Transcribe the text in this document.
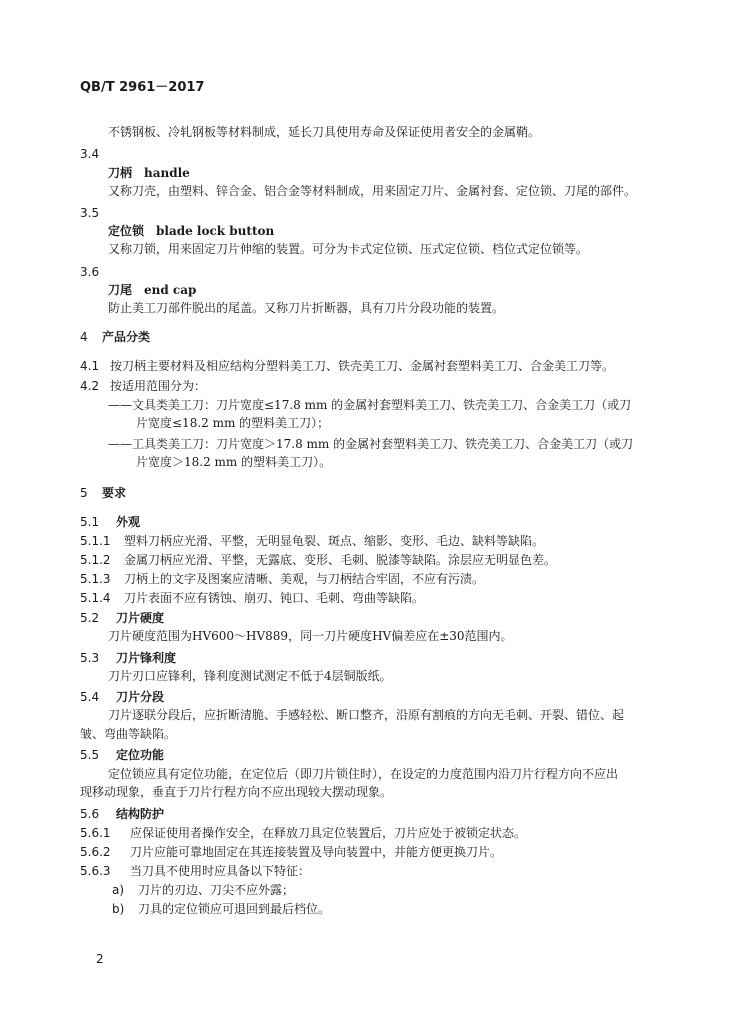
QB/T 2961－2017
不锈钢板、冷轧钢板等材料制成，延长刀具使用寿命及保证使用者安全的金属鞘。
3.4
刀柄　handle
又称刀壳，由塑料、锌合金、铝合金等材料制成，用来固定刀片、金属衬套、定位锁、刀尾的部件。
3.5
定位锁　blade lock button
又称刀锁，用来固定刀片伸缩的装置。可分为卡式定位锁、压式定位锁、档位式定位锁等。
3.6
刀尾　end cap
防止美工刀部件脱出的尾盖。又称刀片折断器，具有刀片分段功能的装置。
4 产品分类
4.1 按刀柄主要材料及相应结构分塑料美工刀、铁壳美工刀、金属衬套塑料美工刀、合金美工刀等。
4.2 按适用范围分为：
——文具类美工刀：刀片宽度≤17.8 mm 的金属衬套塑料美工刀、铁壳美工刀、合金美工刀（或刀
片宽度≤18.2 mm 的塑料美工刀）；
——工具类美工刀：刀片宽度＞17.8 mm 的金属衬套塑料美工刀、铁壳美工刀、合金美工刀（或刀
片宽度＞18.2 mm 的塑料美工刀）。
5 要求
5.1 外观
5.1.1 塑料刀柄应光滑、平整，无明显龟裂、斑点、缩影、变形、毛边、缺料等缺陷。
5.1.2 金属刀柄应光滑、平整，无露底、变形、毛刺、脱漆等缺陷。涂层应无明显色差。
5.1.3 刀柄上的文字及图案应清晰、美观，与刀柄结合牢固，不应有污渍。
5.1.4 刀片表面不应有锈蚀、崩刃、钝口、毛刺、弯曲等缺陷。
5.2 刀片硬度
刀片硬度范围为HV600～HV889，同一刀片硬度HV偏差应在±30范围内。
5.3 刀片锋利度
刀片刃口应锋利，锋利度测试测定不低于4层铜版纸。
5.4 刀片分段
刀片逐联分段后，应折断清脆、手感轻松、断口整齐，沿原有割痕的方向无毛刺、开裂、错位、起
皱、弯曲等缺陷。
5.5 定位功能
定位锁应具有定位功能，在定位后（即刀片锁住时），在设定的力度范围内沿刀片行程方向不应出
现移动现象，垂直于刀片行程方向不应出现较大摆动现象。
5.6 结构防护
5.6.1 应保证使用者操作安全，在释放刀具定位装置后，刀片应处于被锁定状态。
5.6.2 刀片应能可靠地固定在其连接装置及导向装置中，并能方便更换刀片。
5.6.3 当刀具不使用时应具备以下特征：
a) 刀片的刃边、刀尖不应外露；
b) 刀具的定位锁应可退回到最后档位。
2
